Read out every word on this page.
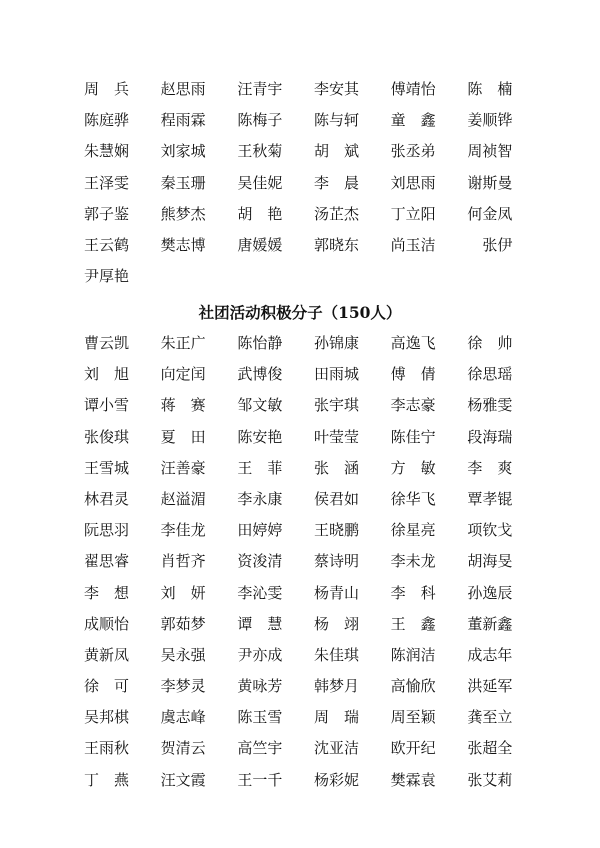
周　兵	赵思雨	汪青宇	李安其	傅靖怡	陈　楠
陈庭骅	程雨霖	陈梅子	陈与轲	童　鑫	姜顺铧
朱慧娴	刘家城	王秋菊	胡　斌	张丞弟	周祯智
王泽雯	秦玉珊	吴佳妮	李　晨	刘思雨	谢斯曼
郭子鉴	熊梦杰	胡　艳	汤芷杰	丁立阳	何金凤
王云鹤	樊志博	唐媛媛	郭晓东	尚玉洁	　张伊
尹厚艳
社团活动积极分子（150人）
曹云凯	朱正广	陈怡静	孙锦康	高逸飞	徐　帅
刘　旭	向定闰	武博俊	田雨城	傅　倩	徐思瑶
谭小雪	蒋　赛	邹文敏	张宇琪	李志豪	杨雅雯
张俊琪	夏　田	陈安艳	叶莹莹	陈佳宁	段海瑞
王雪城	汪善豪	王　菲	张　涵	方　敏	李　爽
林君灵	赵溢湄	李永康	侯君如	徐华飞	覃孝锟
阮思羽	李佳龙	田婷婷	王晓鹏	徐星亮	项钦戈
翟思睿	肖哲齐	资浚清	蔡诗明	李未龙	胡海旻
李　想	刘　妍	李沁雯	杨青山	李　科	孙逸辰
成顺怡	郭茹梦	谭　慧	杨　翊	王　鑫	董新鑫
黄新凤	吴永强	尹亦成	朱佳琪	陈润洁	成志年
徐　可	李梦灵	黄咏芳	韩梦月	高愉欣	洪延军
吴邦棋	虞志峰	陈玉雪	周　瑞	周至颖	龚至立
王雨秋	贺清云	高竺宇	沈亚洁	欧开纪	张超全
丁　燕	汪文霞	王一千	杨彩妮	樊霖袁	张艾莉
